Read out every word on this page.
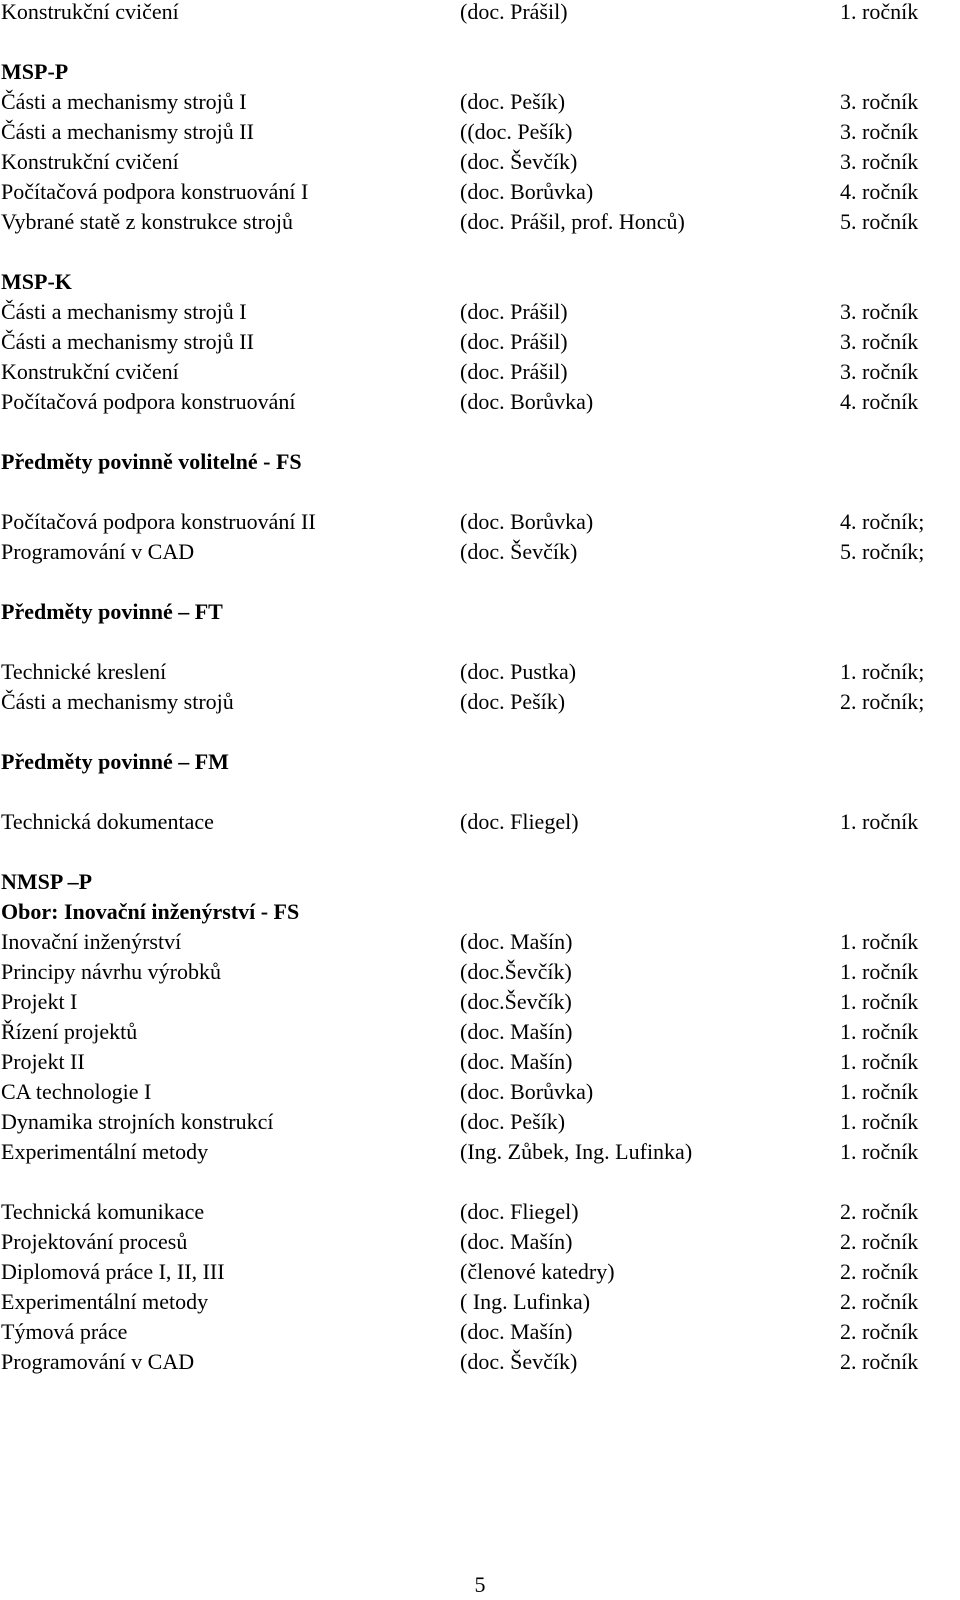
Konstrukční cvičení	(doc. Prášil)	1. ročník
MSP-P
Části a mechanismy strojů I	(doc. Pešík)	3. ročník
Části a mechanismy strojů II	((doc. Pešík)	3. ročník
Konstrukční cvičení	(doc. Ševčík)	3. ročník
Počítačová podpora konstruování I	(doc. Borůvka)	4. ročník
Vybrané statě z konstrukce strojů	(doc. Prášil, prof. Honců)	5. ročník
MSP-K
Části a mechanismy strojů I	(doc. Prášil)	3. ročník
Části a mechanismy strojů II	(doc. Prášil)	3. ročník
Konstrukční cvičení	(doc. Prášil)	3. ročník
Počítačová podpora konstruování	(doc. Borůvka)	4. ročník
Předměty povinně volitelné - FS
Počítačová podpora konstruování II	(doc. Borůvka)	4. ročník;
Programování v CAD	(doc. Ševčík)	5. ročník;
Předměty povinné – FT
Technické kreslení	(doc. Pustka)	1. ročník;
Části a mechanismy strojů	(doc. Pešík)	2. ročník;
Předměty povinné – FM
Technická dokumentace	(doc. Fliegel)	1. ročník
NMSP –P
Obor: Inovační inženýrství - FS
Inovační inženýrství	(doc. Mašín)	1. ročník
Principy návrhu výrobků	(doc.Ševčík)	1. ročník
Projekt I	(doc.Ševčík)	1. ročník
Řízení projektů	(doc. Mašín)	1. ročník
Projekt II	(doc. Mašín)	1. ročník
CA technologie I	(doc. Borůvka)	1. ročník
Dynamika strojních konstrukcí	(doc. Pešík)	1. ročník
Experimentální metody	(Ing. Zůbek, Ing. Lufinka)	1. ročník
Technická komunikace	(doc. Fliegel)	2. ročník
Projektování procesů	(doc. Mašín)	2. ročník
Diplomová práce I, II, III	(členové katedry)	2. ročník
Experimentální metody	( Ing. Lufinka)	2. ročník
Týmová práce	(doc. Mašín)	2. ročník
Programování v CAD	(doc. Ševčík)	2. ročník
5
